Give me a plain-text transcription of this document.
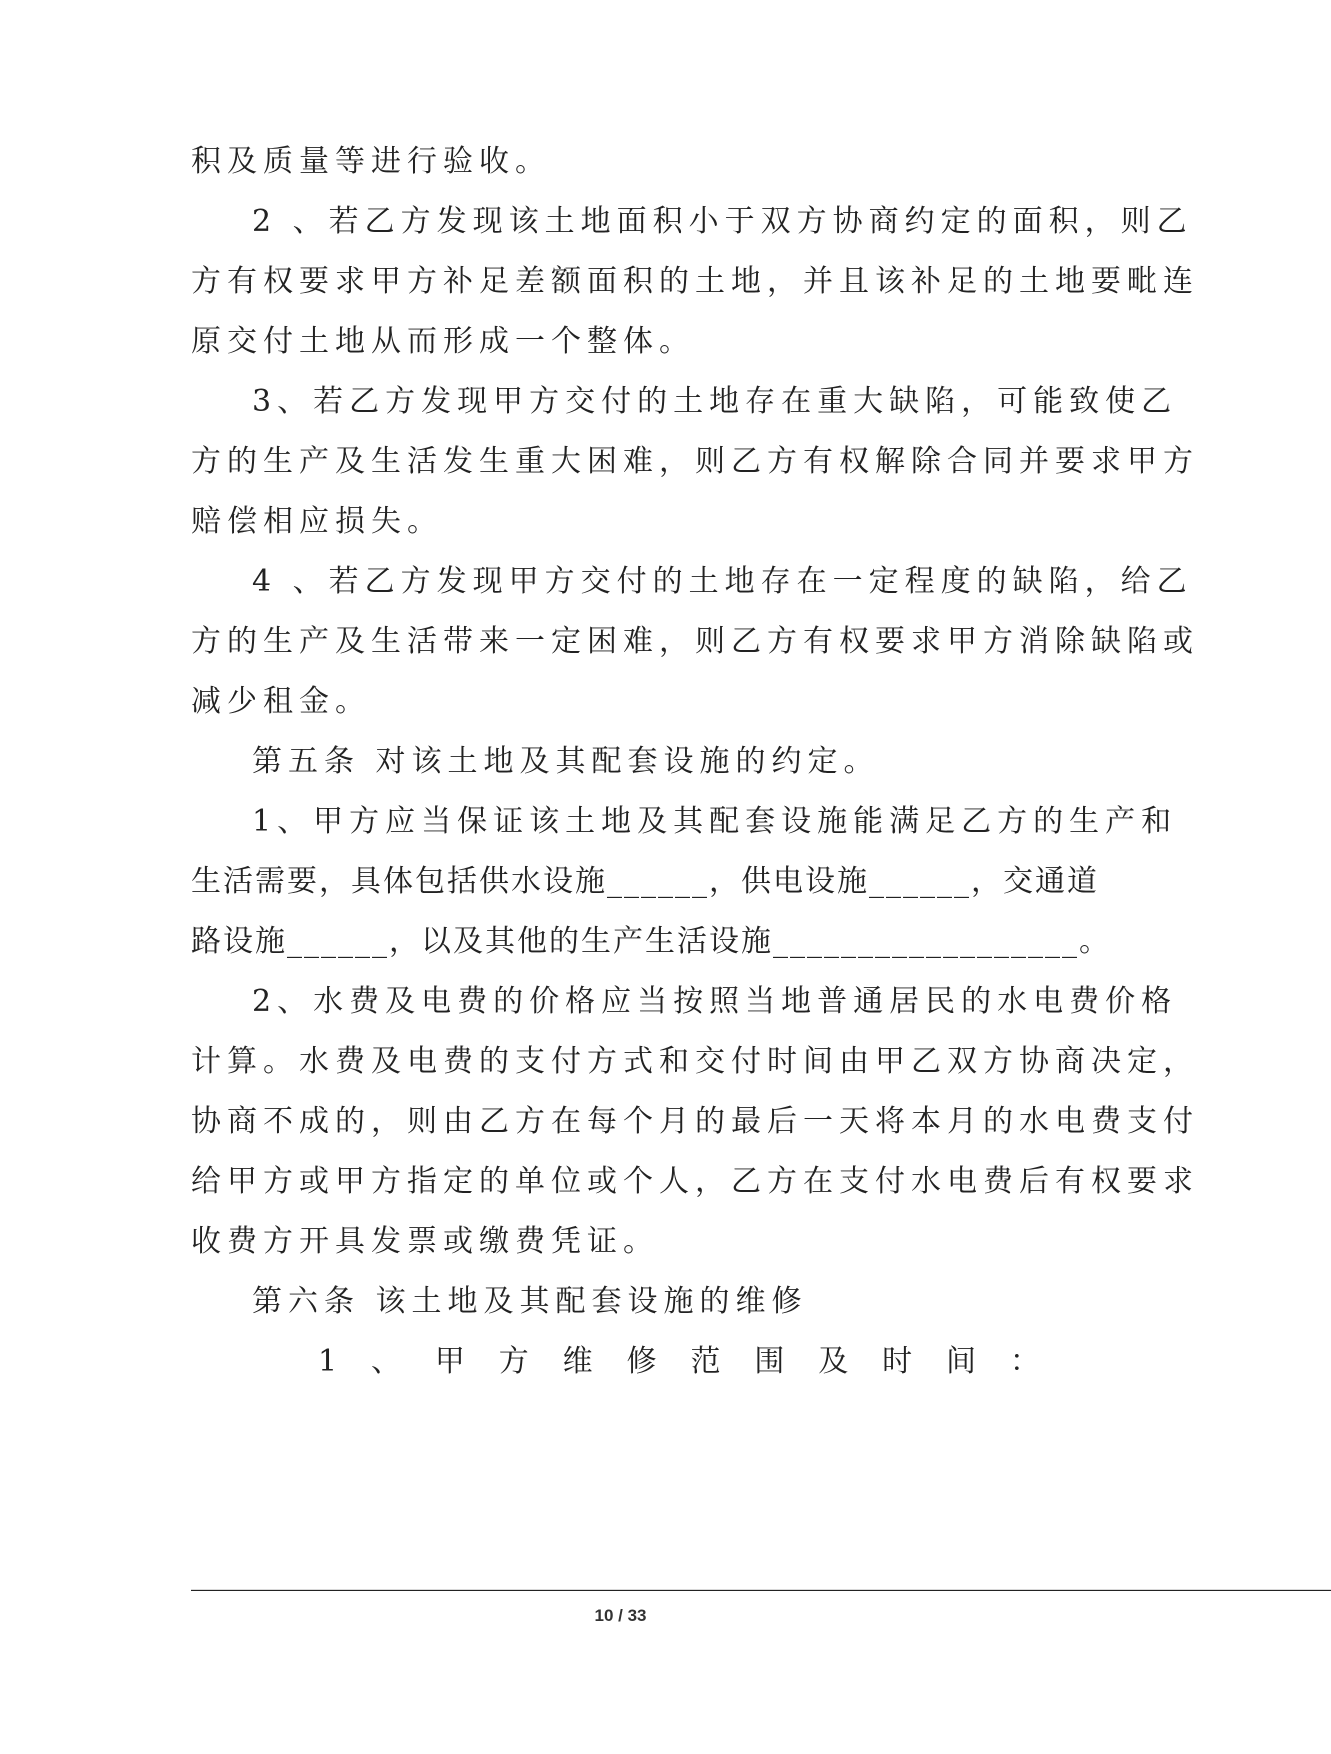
积及质量等进行验收。
2 、若乙方发现该土地面积小于双方协商约定的面积，则乙
方有权要求甲方补足差额面积的土地，并且该补足的土地要毗连
原交付土地从而形成一个整体。
3、若乙方发现甲方交付的土地存在重大缺陷，可能致使乙
方的生产及生活发生重大困难，则乙方有权解除合同并要求甲方
赔偿相应损失。
4 、若乙方发现甲方交付的土地存在一定程度的缺陷，给乙
方的生产及生活带来一定困难，则乙方有权要求甲方消除缺陷或
减少租金。
第五条 对该土地及其配套设施的约定。
1、甲方应当保证该土地及其配套设施能满足乙方的生产和
生活需要，具体包括供水设施______，供电设施______，交通道
路设施______，以及其他的生产生活设施__________________。
2、水费及电费的价格应当按照当地普通居民的水电费价格
计算。水费及电费的支付方式和交付时间由甲乙双方协商决定，
协商不成的，则由乙方在每个月的最后一天将本月的水电费支付
给甲方或甲方指定的单位或个人，乙方在支付水电费后有权要求
收费方开具发票或缴费凭证。
第六条 该土地及其配套设施的维修
1 、 甲 方 维 修 范 围 及 时 间 ：
____________________________________________________________________________
10 / 33
